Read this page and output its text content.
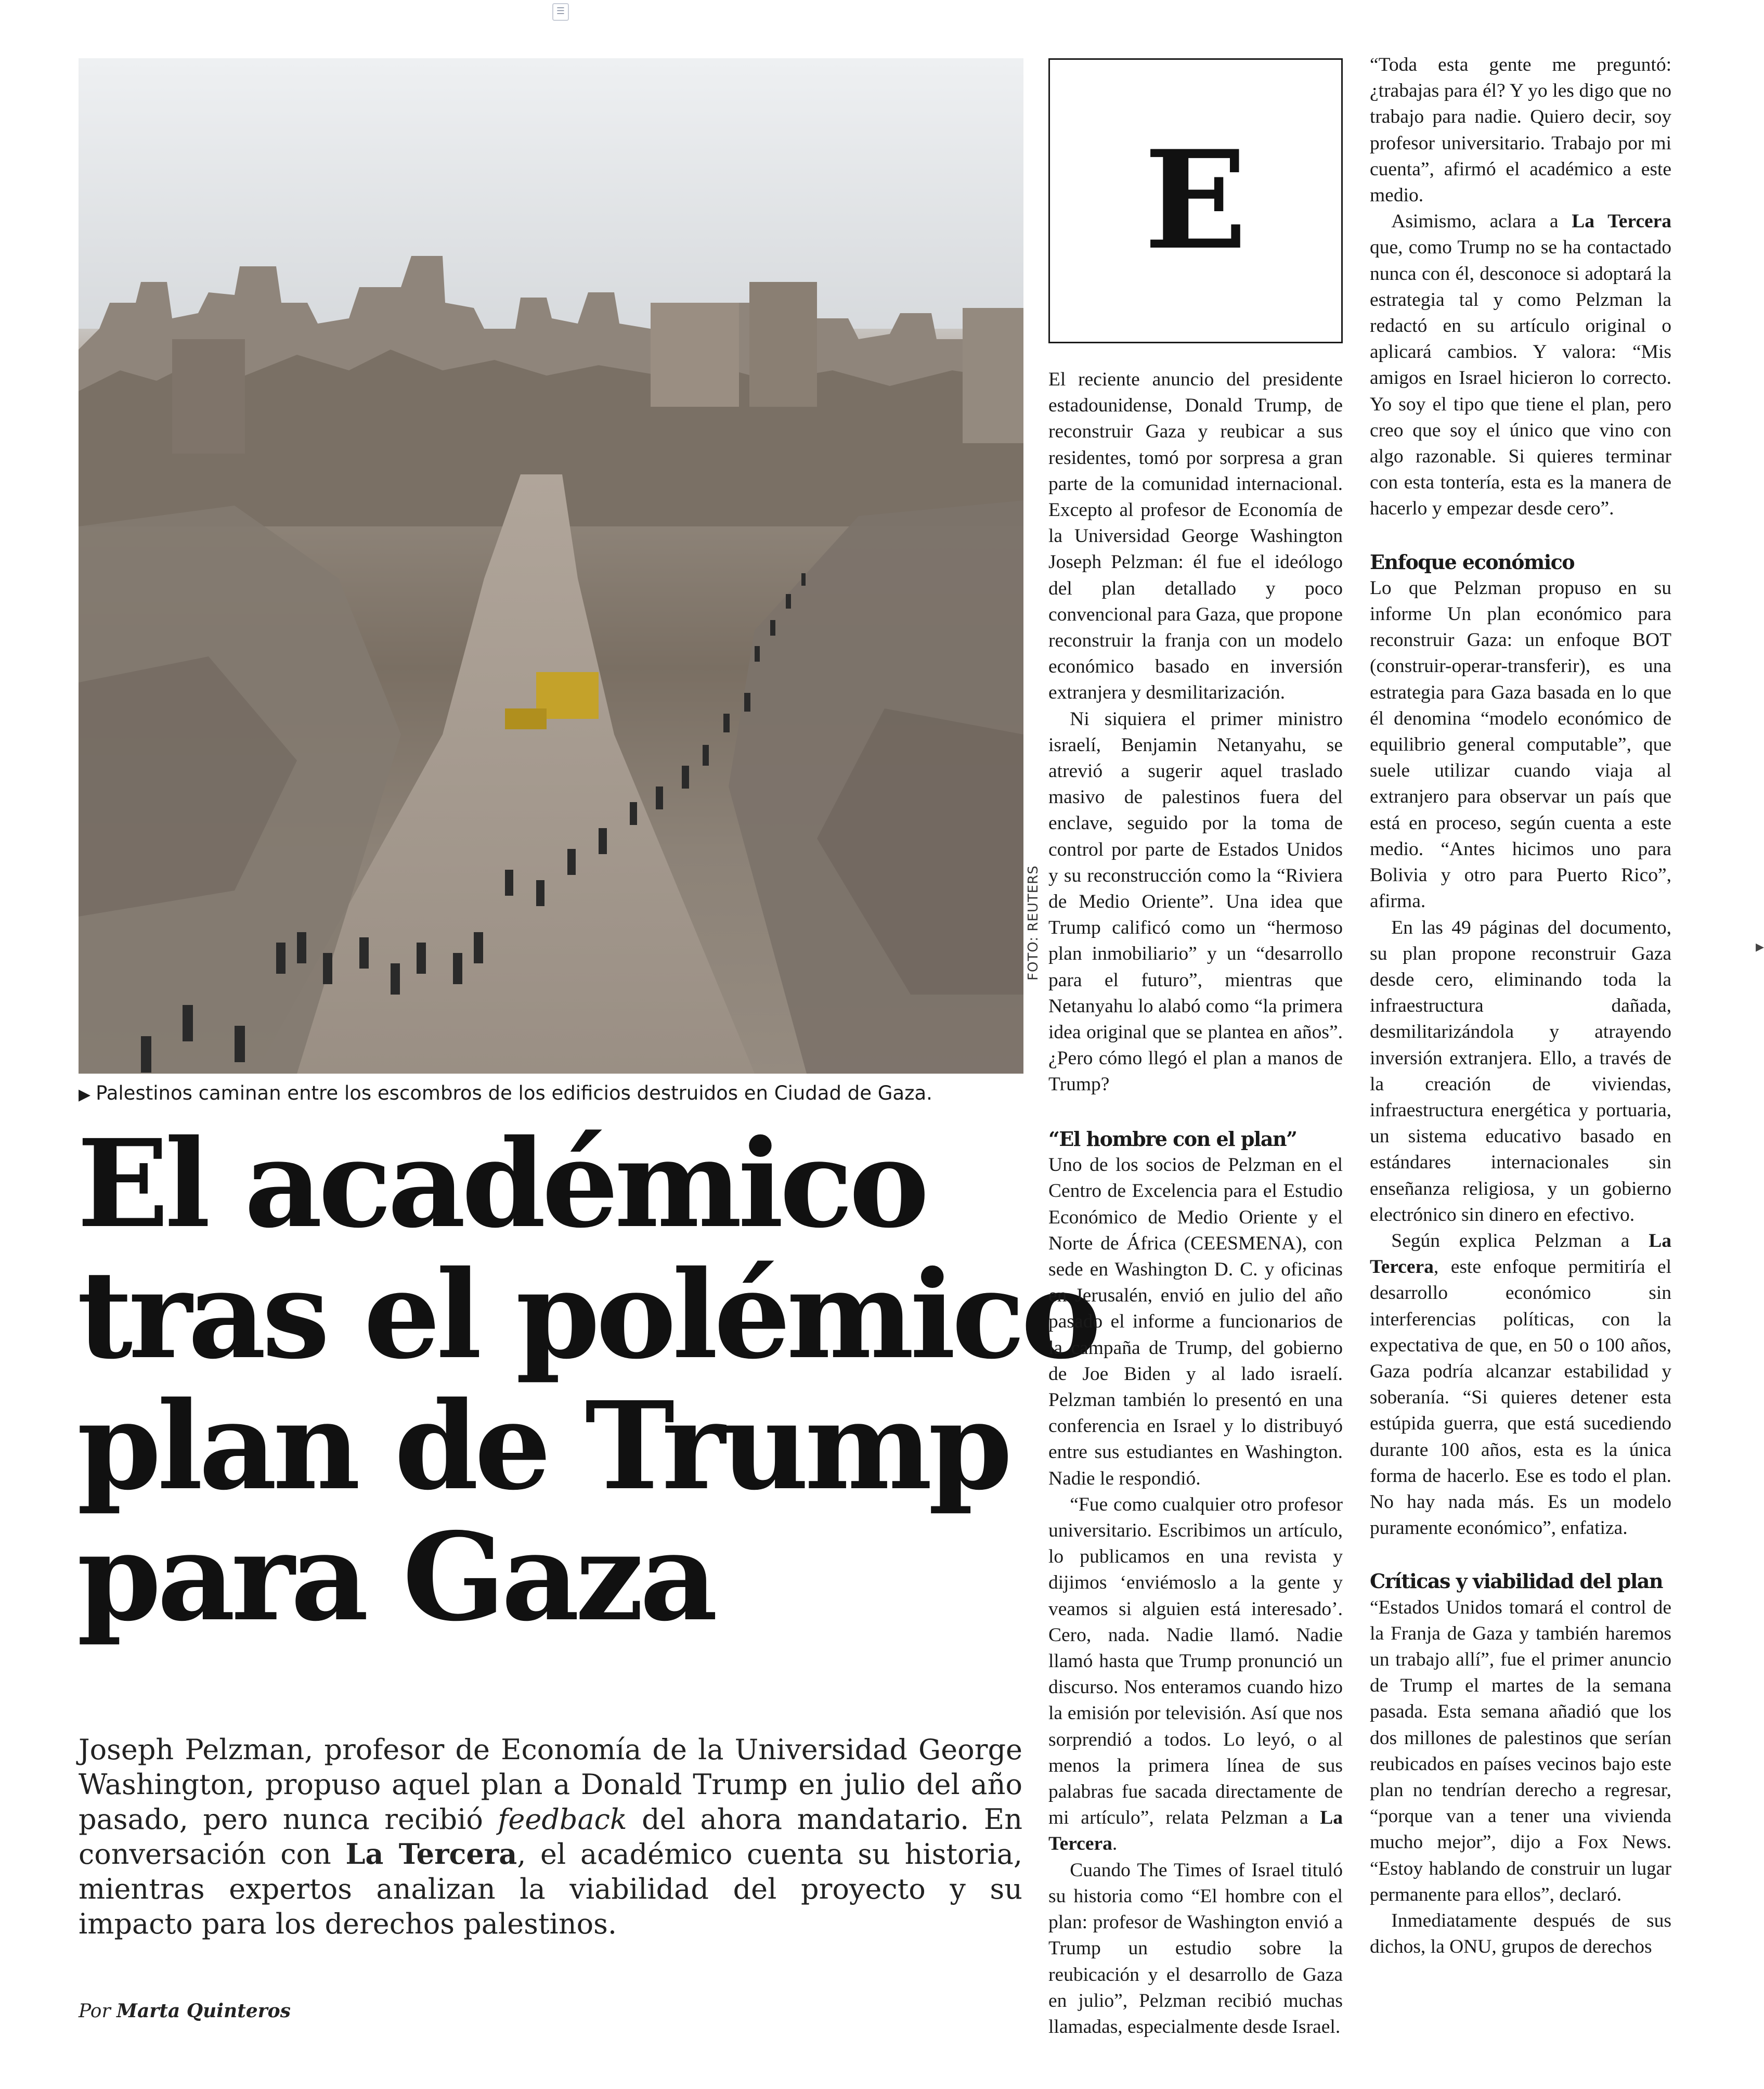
☰
▸
FOTO: REUTERS
▶ Palestinos caminan entre los escombros de los edificios destruidos en Ciudad de Gaza.
El académico
tras el polémico
plan de Trump
para Gaza

Joseph Pelzman, profesor de Economía de la Universidad George Washington, propuso aquel plan a Donald Trump en julio del año pasado, pero nunca recibió feedback del ahora mandatario. En conversación con La Tercera, el académico cuenta su historia, mientras expertos analizan la viabilidad del proyecto y su impacto para los derechos palestinos.

Por Marta Quinteros
E

El reciente anuncio del presidente estadounidense, Donald Trump, de reconstruir Gaza y reubicar a sus residentes, tomó por sorpresa a gran parte de la comunidad internacional. Excepto al profesor de Economía de la Universidad George Washington Joseph Pelzman: él fue el ideólogo del plan detallado y poco convencional para Gaza, que propone reconstruir la franja con un modelo económico basado en inversión extranjera y desmilitarización.

Ni siquiera el primer ministro israelí, Benjamin Netanyahu, se atrevió a sugerir aquel traslado masivo de palestinos fuera del enclave, seguido por la toma de control por parte de Estados Unidos y su reconstrucción como la “Riviera de Medio Oriente”. Una idea que Trump calificó como un “hermoso plan inmobiliario” y un “desarrollo para el futuro”, mientras que Netanyahu lo alabó como “la primera idea original que se plantea en años”. ¿Pero cómo llegó el plan a manos de Trump?

“El hombre con el plan”

Uno de los socios de Pelzman en el Centro de Excelencia para el Estudio Económico de Medio Oriente y el Norte de África (CEESMENA), con sede en Washington D. C. y oficinas en Jerusalén, envió en julio del año pasado el informe a funcionarios de la campaña de Trump, del gobierno de Joe Biden y al lado israelí. Pelzman también lo presentó en una conferencia en Israel y lo distribuyó entre sus estudiantes en Washington. Nadie le respondió.

“Fue como cualquier otro profesor universitario. Escribimos un artículo, lo publicamos en una revista y dijimos ‘enviémoslo a la gente y veamos si alguien está interesado’. Cero, nada. Nadie llamó. Nadie llamó hasta que Trump pronunció un discurso. Nos enteramos cuando hizo la emisión por televisión. Así que nos sorprendió a todos. Lo leyó, o al menos la primera línea de sus palabras fue sacada directamente de mi artículo”, relata Pelzman a La Tercera.

Cuando The Times of Israel tituló su historia como “El hombre con el plan: profesor de Washington envió a Trump un estudio sobre la reubicación y el desarrollo de Gaza en julio”, Pelzman recibió muchas llamadas, especialmente desde Israel.

“Toda esta gente me preguntó: ¿trabajas para él? Y yo les digo que no trabajo para nadie. Quiero decir, soy profesor universitario. Trabajo por mi cuenta”, afirmó el académico a este medio.

Asimismo, aclara a La Tercera que, como Trump no se ha contactado nunca con él, desconoce si adoptará la estrategia tal y como Pelzman la redactó en su artículo original o aplicará cambios. Y valora: “Mis amigos en Israel hicieron lo correcto. Yo soy el tipo que tiene el plan, pero creo que soy el único que vino con algo razonable. Si quieres terminar con esta tontería, esta es la manera de hacerlo y empezar desde cero”.

Enfoque económico

Lo que Pelzman propuso en su informe Un plan económico para reconstruir Gaza: un enfoque BOT (construir-operar-transferir), es una estrategia para Gaza basada en lo que él denomina “modelo económico de equilibrio general computable”, que suele utilizar cuando viaja al extranjero para observar un país que está en proceso, según cuenta a este medio. “Antes hicimos uno para Bolivia y otro para Puerto Rico”, afirma.

En las 49 páginas del documento, su plan propone reconstruir Gaza desde cero, eliminando toda la infraestructura dañada, desmilitarizándola y atrayendo inversión extranjera. Ello, a través de la creación de viviendas, infraestructura energética y portuaria, un sistema educativo basado en estándares internacionales sin enseñanza religiosa, y un gobierno electrónico sin dinero en efectivo.

Según explica Pelzman a La Tercera, este enfoque permitiría el desarrollo económico sin interferencias políticas, con la expectativa de que, en 50 o 100 años, Gaza podría alcanzar estabilidad y soberanía. “Si quieres detener esta estúpida guerra, que está sucediendo durante 100 años, esta es la única forma de hacerlo. Ese es todo el plan. No hay nada más. Es un modelo puramente económico”, enfatiza.

Críticas y viabilidad del plan

“Estados Unidos tomará el control de la Franja de Gaza y también haremos un trabajo allí”, fue el primer anuncio de Trump el martes de la semana pasada. Esta semana añadió que los dos millones de palestinos que serían reubicados en países vecinos bajo este plan no tendrían derecho a regresar, “porque van a tener una vivienda mucho mejor”, dijo a Fox News. “Estoy hablando de construir un lugar permanente para ellos”, declaró.

Inmediatamente después de sus dichos, la ONU, grupos de derechos
